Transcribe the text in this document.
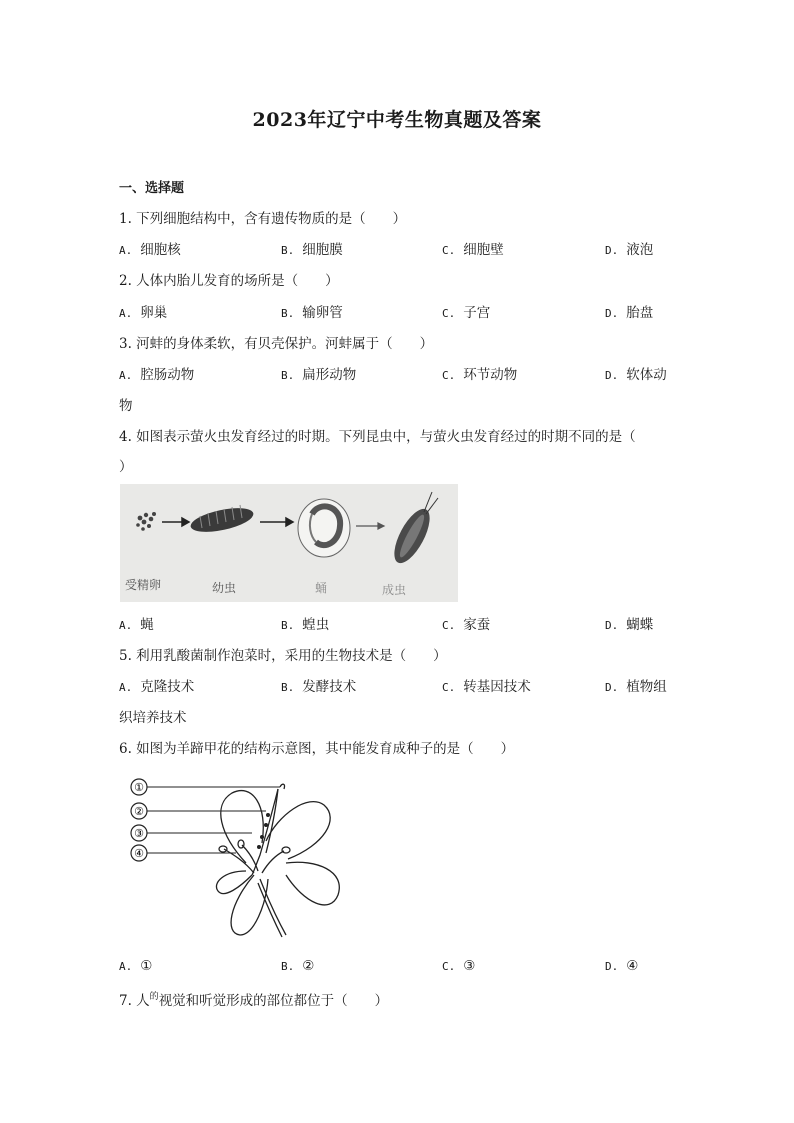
2023年辽宁中考生物真题及答案
一、选择题
1. 下列细胞结构中，含有遗传物质的是（　　）
A. 细胞核	B. 细胞膜	C. 细胞壁	D. 液泡
2. 人体内胎儿发育的场所是（　　）
A. 卵巢	B. 输卵管	C. 子宫	D. 胎盘
3. 河蚌的身体柔软，有贝壳保护。河蚌属于（　　）
A. 腔肠动物	B. 扁形动物	C. 环节动物	D. 软体动
物
4. 如图表示萤火虫发育经过的时期。下列昆虫中，与萤火虫发育经过的时期不同的是（
）
受精卵	幼虫	蛹	成虫
A. 蝇	B. 蝗虫	C. 家蚕	D. 蝴蝶
5. 利用乳酸菌制作泡菜时，采用的生物技术是（　　）
A. 克隆技术	B. 发酵技术	C. 转基因技术	D. 植物组
织培养技术
6. 如图为羊蹄甲花的结构示意图，其中能发育成种子的是（　　）
①
②
③
④
A. ①	B. ②	C. ③	D. ④
7. 人$^的$视觉和听觉形成的部位都位于（　　）
